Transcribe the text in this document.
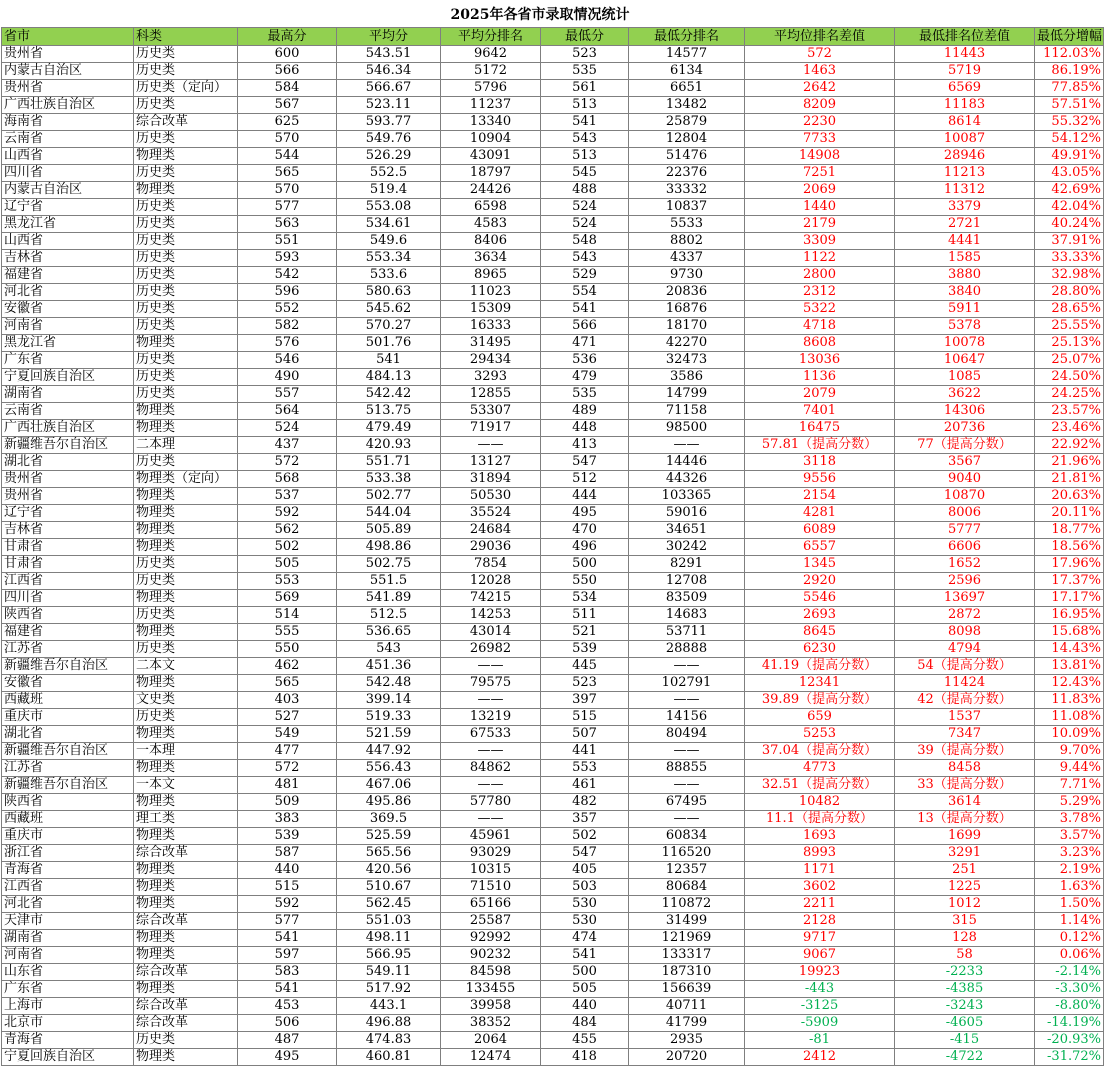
2025年各省市录取情况统计
省市	科类	最高分	平均分	平均分排名	最低分	最低分排名	平均位排名差值	最低排名位差值	最低分增幅
贵州省	历史类	600	543.51	9642	523	14577	572	11443	112.03%
内蒙古自治区	历史类	566	546.34	5172	535	6134	1463	5719	86.19%
贵州省	历史类（定向）	584	566.67	5796	561	6651	2642	6569	77.85%
广西壮族自治区	历史类	567	523.11	11237	513	13482	8209	11183	57.51%
海南省	综合改革	625	593.77	13340	541	25879	2230	8614	55.32%
云南省	历史类	570	549.76	10904	543	12804	7733	10087	54.12%
山西省	物理类	544	526.29	43091	513	51476	14908	28946	49.91%
四川省	历史类	565	552.5	18797	545	22376	7251	11213	43.05%
内蒙古自治区	物理类	570	519.4	24426	488	33332	2069	11312	42.69%
辽宁省	历史类	577	553.08	6598	524	10837	1440	3379	42.04%
黑龙江省	历史类	563	534.61	4583	524	5533	2179	2721	40.24%
山西省	历史类	551	549.6	8406	548	8802	3309	4441	37.91%
吉林省	历史类	593	553.34	3634	543	4337	1122	1585	33.33%
福建省	历史类	542	533.6	8965	529	9730	2800	3880	32.98%
河北省	历史类	596	580.63	11023	554	20836	2312	3840	28.80%
安徽省	历史类	552	545.62	15309	541	16876	5322	5911	28.65%
河南省	历史类	582	570.27	16333	566	18170	4718	5378	25.55%
黑龙江省	物理类	576	501.76	31495	471	42270	8608	10078	25.13%
广东省	历史类	546	541	29434	536	32473	13036	10647	25.07%
宁夏回族自治区	历史类	490	484.13	3293	479	3586	1136	1085	24.50%
湖南省	历史类	557	542.42	12855	535	14799	2079	3622	24.25%
云南省	物理类	564	513.75	53307	489	71158	7401	14306	23.57%
广西壮族自治区	物理类	524	479.49	71917	448	98500	16475	20736	23.46%
新疆维吾尔自治区	二本理	437	420.93	——	413	——	57.81（提高分数）	77（提高分数）	22.92%
湖北省	历史类	572	551.71	13127	547	14446	3118	3567	21.96%
贵州省	物理类（定向）	568	533.38	31894	512	44326	9556	9040	21.81%
贵州省	物理类	537	502.77	50530	444	103365	2154	10870	20.63%
辽宁省	物理类	592	544.04	35524	495	59016	4281	8006	20.11%
吉林省	物理类	562	505.89	24684	470	34651	6089	5777	18.77%
甘肃省	物理类	502	498.86	29036	496	30242	6557	6606	18.56%
甘肃省	历史类	505	502.75	7854	500	8291	1345	1652	17.96%
江西省	历史类	553	551.5	12028	550	12708	2920	2596	17.37%
四川省	物理类	569	541.89	74215	534	83509	5546	13697	17.17%
陕西省	历史类	514	512.5	14253	511	14683	2693	2872	16.95%
福建省	物理类	555	536.65	43014	521	53711	8645	8098	15.68%
江苏省	历史类	550	543	26982	539	28888	6230	4794	14.43%
新疆维吾尔自治区	二本文	462	451.36	——	445	——	41.19（提高分数）	54（提高分数）	13.81%
安徽省	物理类	565	542.48	79575	523	102791	12341	11424	12.43%
西藏班	文史类	403	399.14	——	397	——	39.89（提高分数）	42（提高分数）	11.83%
重庆市	历史类	527	519.33	13219	515	14156	659	1537	11.08%
湖北省	物理类	549	521.59	67533	507	80494	5253	7347	10.09%
新疆维吾尔自治区	一本理	477	447.92	——	441	——	37.04（提高分数）	39（提高分数）	9.70%
江苏省	物理类	572	556.43	84862	553	88855	4773	8458	9.44%
新疆维吾尔自治区	一本文	481	467.06	——	461	——	32.51（提高分数）	33（提高分数）	7.71%
陕西省	物理类	509	495.86	57780	482	67495	10482	3614	5.29%
西藏班	理工类	383	369.5	——	357	——	11.1（提高分数）	13（提高分数）	3.78%
重庆市	物理类	539	525.59	45961	502	60834	1693	1699	3.57%
浙江省	综合改革	587	565.56	93029	547	116520	8993	3291	3.23%
青海省	物理类	440	420.56	10315	405	12357	1171	251	2.19%
江西省	物理类	515	510.67	71510	503	80684	3602	1225	1.63%
河北省	物理类	592	562.45	65166	530	110872	2211	1012	1.50%
天津市	综合改革	577	551.03	25587	530	31499	2128	315	1.14%
湖南省	物理类	541	498.11	92992	474	121969	9717	128	0.12%
河南省	物理类	597	566.95	90232	541	133317	9067	58	0.06%
山东省	综合改革	583	549.11	84598	500	187310	19923	-2233	-2.14%
广东省	物理类	541	517.92	133455	505	156639	-443	-4385	-3.30%
上海市	综合改革	453	443.1	39958	440	40711	-3125	-3243	-8.80%
北京市	综合改革	506	496.88	38352	484	41799	-5909	-4605	-14.19%
青海省	历史类	487	474.83	2064	455	2935	-81	-415	-20.93%
宁夏回族自治区	物理类	495	460.81	12474	418	20720	2412	-4722	-31.72%
